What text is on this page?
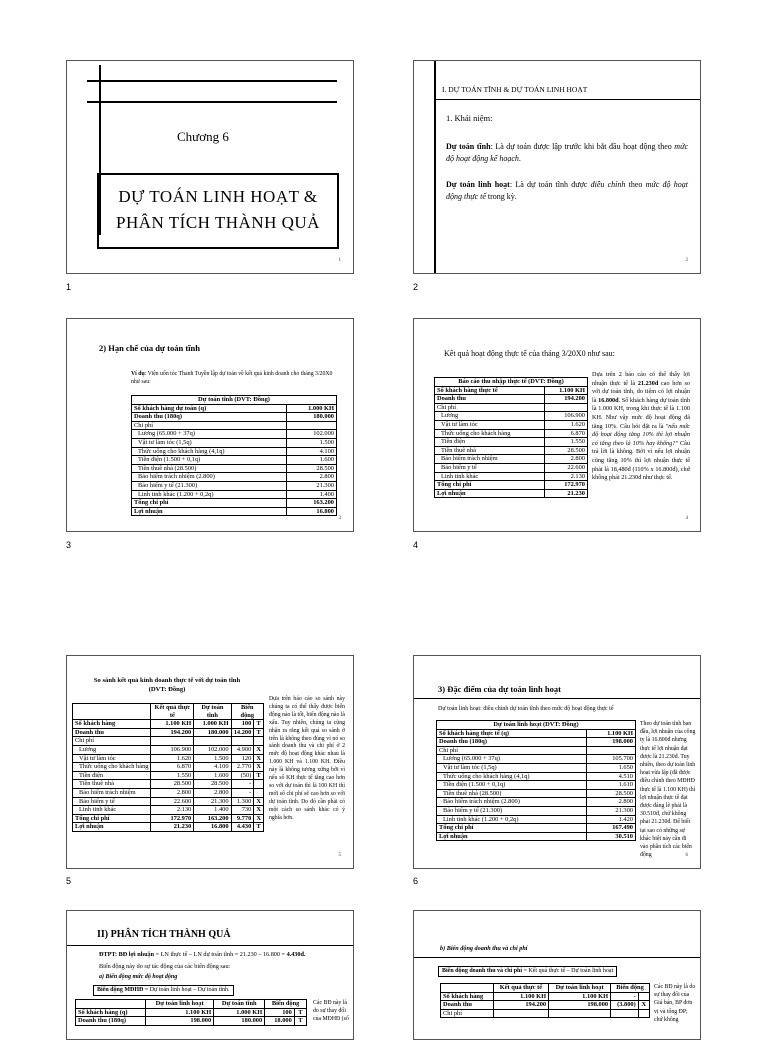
1	2
3	4
5	6
Chương 6
DỰ TOÁN LINH HOẠT &
PHÂN TÍCH THÀNH QUẢ
1
I. DỰ TOÁN TĨNH & DỰ TOÁN LINH HOẠT
1. Khái niệm:
Dự toán tĩnh: Là dự toán được lập trước khi bắt đầu hoạt động theo mức độ hoạt động kế hoạch.
Dự toán linh hoạt: Là dự toán tĩnh được điều chỉnh theo mức độ hoạt động thực tế trong kỳ.
2
2) Hạn chế của dự toán tĩnh
Ví dụ: Viện uốn tóc Thanh Tuyền lập dự toán về kết quả kinh doanh cho tháng 3/20X0 như sau:
Dự toán tĩnh (DVT: Đồng)	
Số khách hàng dự toán (q)	1.000 KH
Doanh thu (180q)	180.000
Chi phí	
Lương (65.000 + 37q)	102.000
Vật tư làm tóc (1,5q)	1.500
Thức uống cho khách hàng (4,1q)	4.100
Tiền điện (1.500 + 0,1q)	1.600
Tiền thuê nhà (28.500)	28.500
Bảo hiểm trách nhiệm (2.800)	2.800
Bảo hiểm y tế (21.300)	21.300
Linh tinh khác (1.200 + 0,2q)	1.400
Tổng chi phí	163.200
Lợi nhuận	16.800
3
Kết quả hoạt động thực tế của tháng 3/20X0 như sau:
Báo cáo thu nhập thực tế (DVT: Đồng)	
Số khách hàng thực tế	1.100 KH
Doanh thu	194.200
Chi phí	
Lương	106.900
Vật tư làm tóc	1.620
Thức uống cho khách hàng	6.870
Tiền điện	1.550
Tiền thuê nhà	28.500
Bảo hiểm trách nhiệm	2.800
Bảo hiểm y tế	22.600
Linh tinh khác	2.130
Tổng chi phí	172.970
Lợi nhuận	21.230
Dựa trên 2 báo cáo có thể thấy lợi nhuận thực tế là 21.230đ cao hơn so với dự toán tĩnh, do tiệm có lợi nhuận là 16.800đ. Số khách hàng dự toán tĩnh là 1.000 KH, trong khi thực tế là 1.100 KH. Như vậy mức độ hoạt động đã tăng 10%. Câu hỏi đặt ra là "nếu mức độ hoạt động tăng 10% thì lợi nhuận có tăng theo là 10% hay không?" Câu trả lời là không. Bởi vì nếu lợi nhuận cũng tăng 10% thì lợi nhuận thực tế phải là 18,480đ (110% x 16.800đ), chứ không phải 21.230đ như thực tế.
4
So sánh kết quả kinh doanh thực tế với dự toán tĩnh
(DVT: Đồng)
	Kết quả thực tế	Dự toán tĩnh	Biến động	
Số khách hàng	1.100 KH	1.000 KH	100	T
Doanh thu	194.200	180.000	14.200	T
Chi phí				
Lương	106.900	102.000	4.900	X
Vật tư làm tóc	1.620	1.500	120	X
Thức uống cho khách hàng	6.870	4.100	2.770	X
Tiền điện	1.550	1.600	(50)	T
Tiền thuê nhà	28.500	28.500	-	
Bảo hiểm trách nhiệm	2.800	2.800	-	
Bảo hiểm y tế	22.600	21.300	1.300	X
Linh tinh khác	2.130	1.400	730	X
Tổng chi phí	172.970	163.200	9.770	X
Lợi nhuận	21.230	16.800	4.430	T
Dựa trên báo cáo so sánh này chúng ta có thể thấy được biến động nào là tốt, biến động nào là xấu. Tuy nhiên, chúng ta cũng nhận ra rằng kết quả so sánh ở trên là không theo đúng vì nó so sánh doanh thu và chi phí ở 2 mức độ hoạt động khác nhau là 1.000 KH và 1.100 KH. Điều này là không tương xứng bởi vì nếu số KH thực tế tăng cao hơn so với dự toán thì là 100 KH thì mới số chi phí sẽ cao hơn so với dự toán tĩnh. Do đó cần phải có một cách so sánh khác có ý nghĩa hơn.
5
3) Đặc điểm của dự toán linh hoạt
Dự toán linh hoạt: điều chỉnh dự toán tĩnh theo mức độ hoạt động thực tế
Dự toán linh hoạt (DVT: Đồng)	
Số khách hàng thực tế (q)	1.100 KH
Doanh thu (180q)	198.000
Chi phí	
Lương (65.000 + 37q)	105.700
Vật tư làm tóc (1,5q)	1.650
Thức uống cho khách hàng (4,1q)	4.510
Tiền điện (1.500 + 0,1q)	1.610
Tiền thuê nhà (28.500)	28.500
Bảo hiểm trách nhiệm (2.800)	2.800
Bảo hiểm y tế (21.300)	21.300
Linh tinh khác (1.200 + 0,2q)	1.420
Tổng chi phí	167.490
Lợi nhuận	30.510
Theo dự toán tĩnh ban đầu, lợi nhuận của công ty là 16.800đ nhưng thực tế lợi nhuận đạt được là 21.230đ. Tuy nhiên, theo dự toán linh hoạt vừa lập (đã được điều chỉnh theo MĐHĐ thực tế là 1.100 KH) thì lợi nhuận thực tế đạt được đáng lẽ phải là 30.510đ, chứ không phải 21.230đ. Để biết tại sao có những sự khác biệt này cần đi vào phân tích các biến động	6
II) PHÂN TÍCH THÀNH QUẢ
ĐTPT: BĐ lợi nhuận = LN thực tế – LN dự toán tĩnh = 21.230 – 16.800 = 4.430đ.
Biến động này do sự tác động của các biến động sau:
a) Biến động mức độ hoạt động
Biến động MĐHĐ = Dự toán linh hoạt – Dự toán tĩnh.
	Dự toán linh hoạt	Dự toán tĩnh	Biến động	
Số khách hàng (q)	1.100 KH	1.000 KH	100	T
Doanh thu (180q)	198.000	180.000	18.000	T
Các BĐ này là do sự thay đổi của MĐHĐ (số
b) Biến động doanh thu và chi phí
Biến động doanh thu và chi phí = Kết quả thực tế – Dự toán linh hoạt
	Kết quả thực tế	Dự toán linh hoạt	Biến động	
Số khách hàng	1.100 KH	1.100 KH	-	
Doanh thu	194.200	198.000	(3.800)	X
Chi phí				
Các BĐ này là do sự thay đổi của Giá bán, BP đơn vị và tổng ĐP; chứ không
